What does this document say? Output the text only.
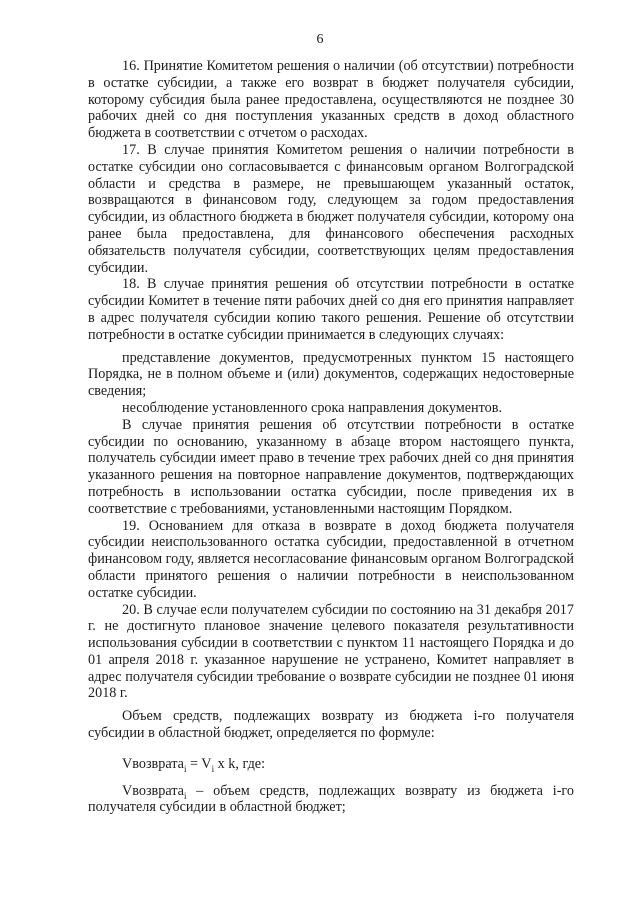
6

16. Принятие Комитетом решения о наличии (об отсутствии) потребности в остатке субсидии, а также его возврат в бюджет получателя субсидии, которому субсидия была ранее предоставлена, осуществляются не позднее 30 рабочих дней со дня поступления указанных средств в доход областного бюджета в соответствии с отчетом о расходах.

17. В случае принятия Комитетом решения о наличии потребности в остатке субсидии оно согласовывается с финансовым органом Волгоградской области и средства в размере, не превышающем указанный остаток, возвращаются в финансовом году, следующем за годом предоставления субсидии, из областного бюджета в бюджет получателя субсидии, которому она ранее была предоставлена, для финансового обеспечения расходных обязательств получателя субсидии, соответствующих целям предоставления субсидии.

18. В случае принятия решения об отсутствии потребности в остатке субсидии Комитет в течение пяти рабочих дней со дня его принятия направляет в адрес получателя субсидии копию такого решения. Решение об отсутствии потребности в остатке субсидии принимается в следующих случаях:

представление документов, предусмотренных пунктом 15 настоящего Порядка, не в полном объеме и (или) документов, содержащих недостоверные сведения;

несоблюдение установленного срока направления документов.

В случае принятия решения об отсутствии потребности в остатке субсидии по основанию, указанному в абзаце втором настоящего пункта, получатель субсидии имеет право в течение трех рабочих дней со дня принятия указанного решения на повторное направление документов, подтверждающих потребность в использовании остатка субсидии, после приведения их в соответствие с требованиями, установленными настоящим Порядком.

19. Основанием для отказа в возврате в доход бюджета получателя субсидии неиспользованного остатка субсидии, предоставленной в отчетном финансовом году, является несогласование финансовым органом Волгоградской области принятого решения о наличии потребности в неиспользованном остатке субсидии.

20. В случае если получателем субсидии по состоянию на 31 декабря 2017 г. не достигнуто плановое значение целевого показателя результативности использования субсидии в соответствии с пунктом 11 настоящего Порядка и до 01 апреля 2018 г. указанное нарушение не устранено, Комитет направляет в адрес получателя субсидии требование о возврате субсидии не позднее 01 июня 2018 г.

Объем средств, подлежащих возврату из бюджета i-го получателя субсидии в областной бюджет, определяется по формуле:

Vвозврата$_i$ = $V_i$ x k, где:

Vвозврата$_i$ – объем средств, подлежащих возврату из бюджета i-го получателя субсидии в областной бюджет;
